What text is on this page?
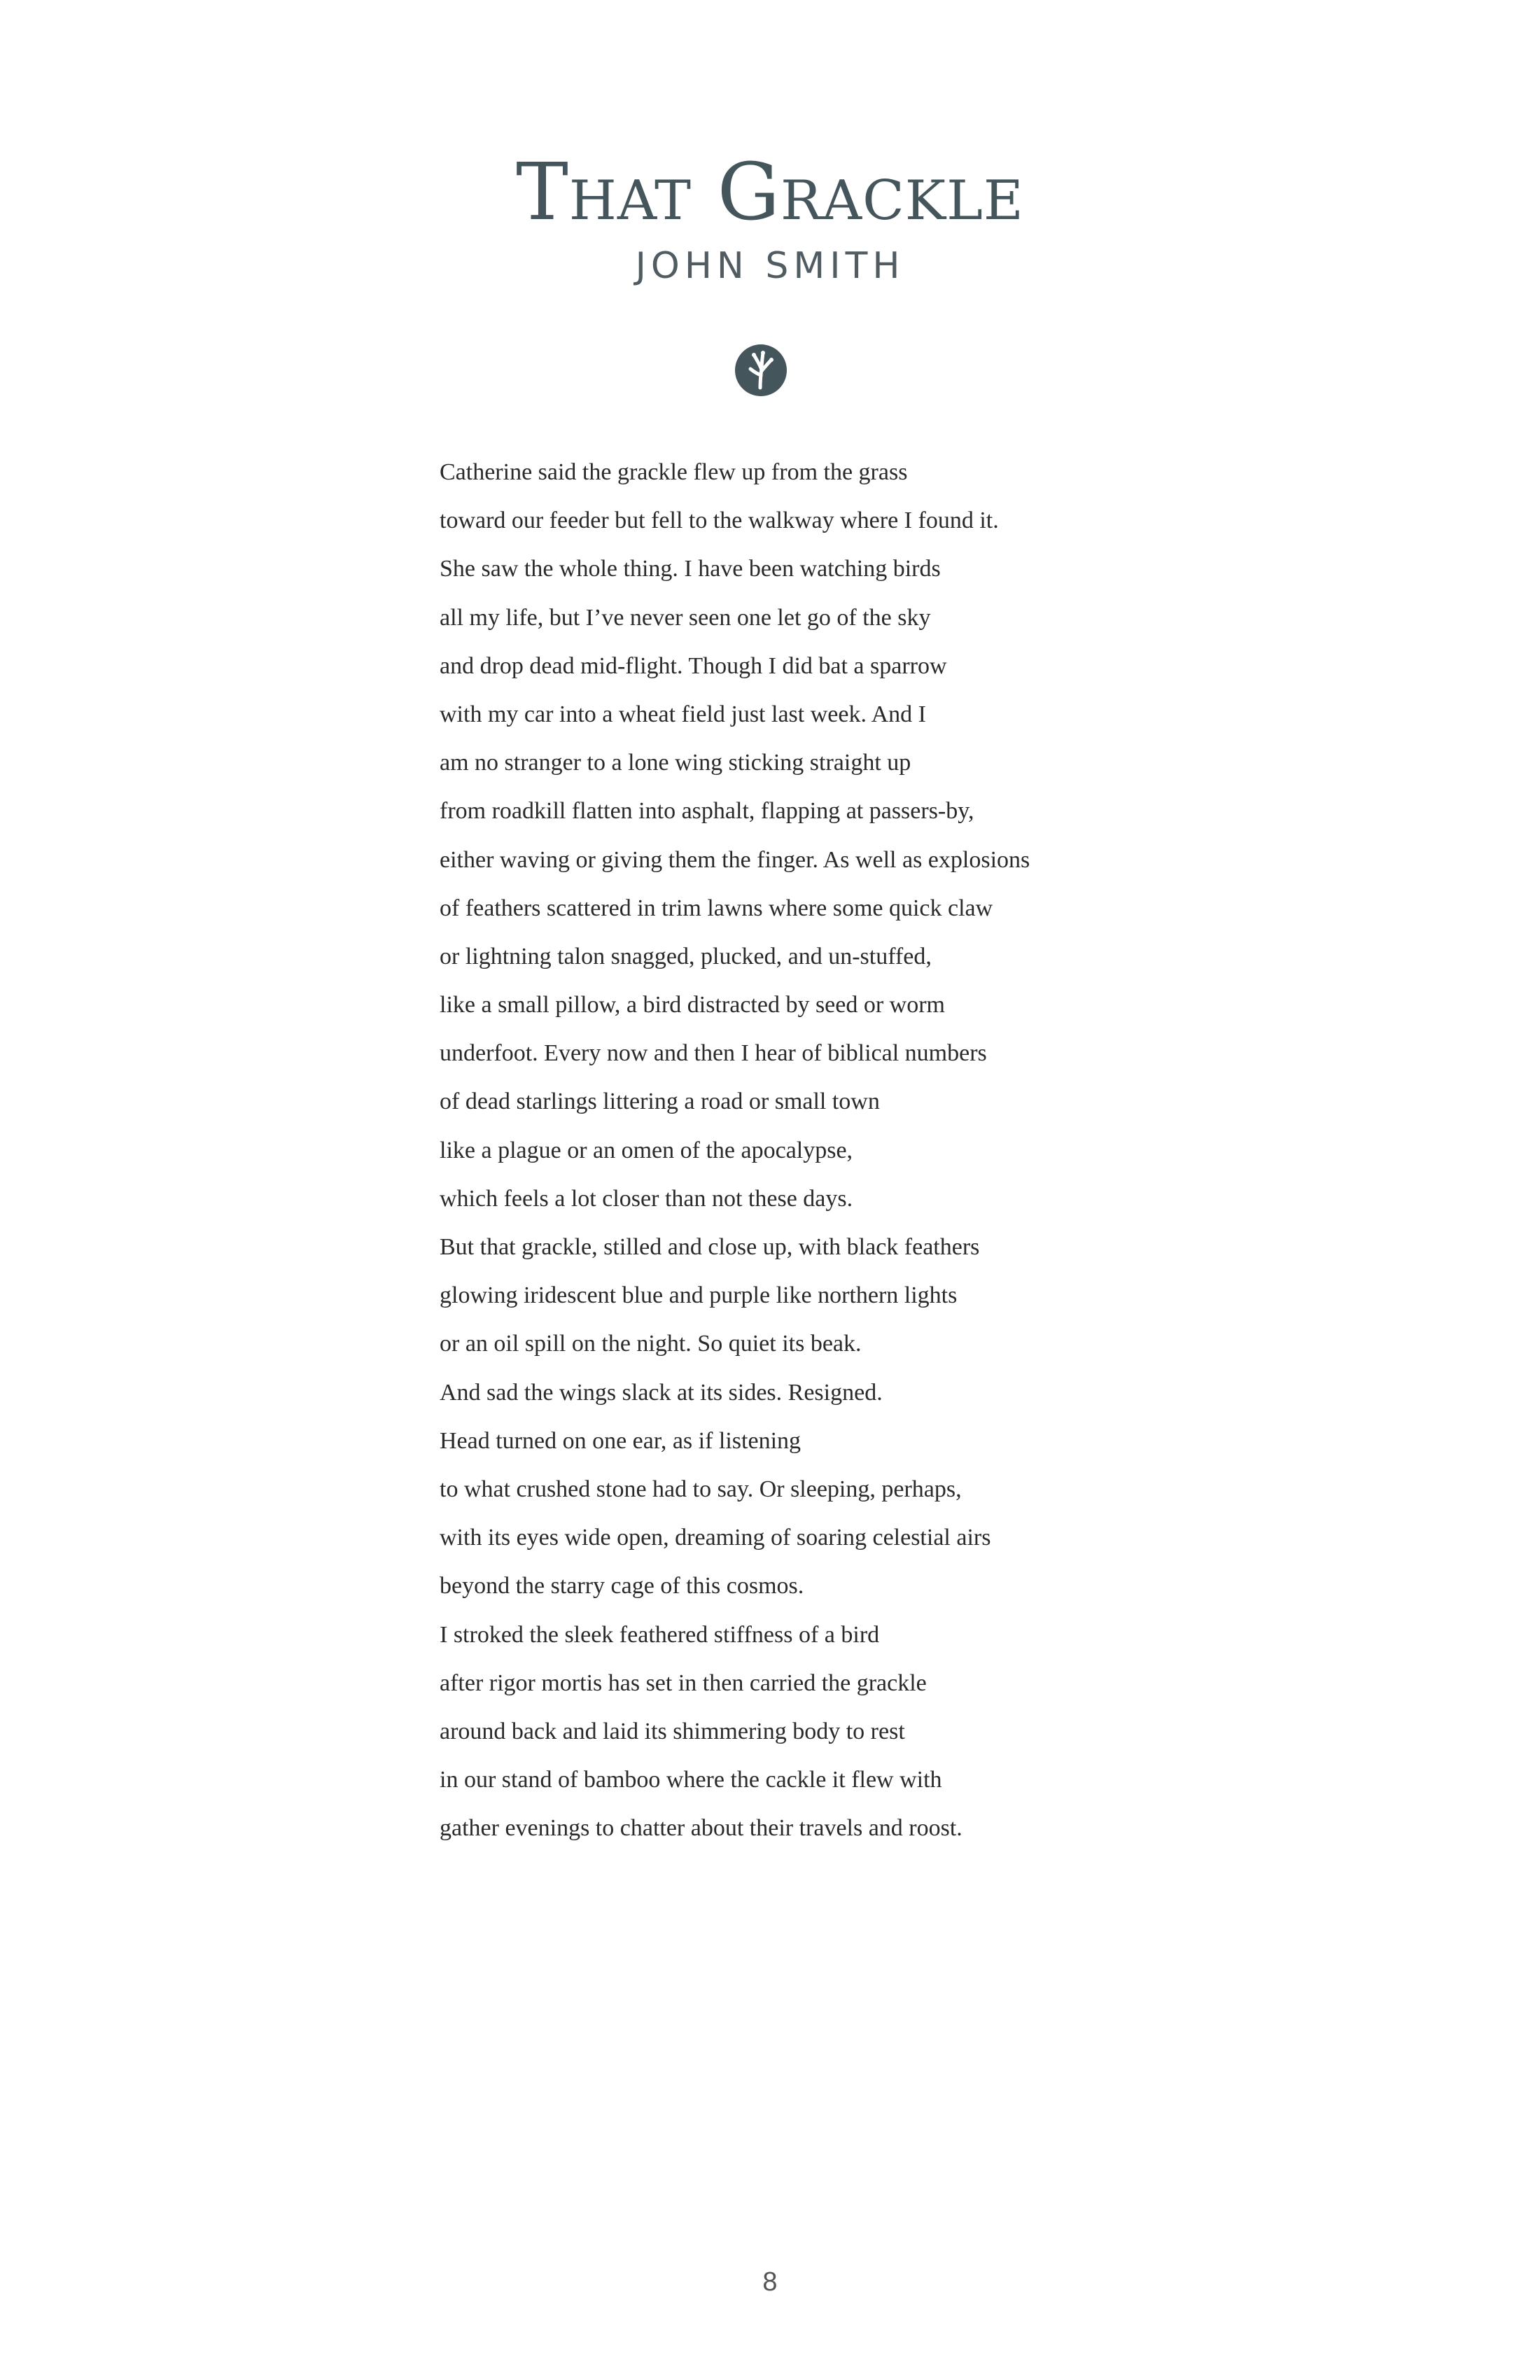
That Grackle
JOHN SMITH
Catherine said the grackle flew up from the grass
toward our feeder but fell to the walkway where I found it.
She saw the whole thing. I have been watching birds
all my life, but I’ve never seen one let go of the sky
and drop dead mid-flight. Though I did bat a sparrow
with my car into a wheat field just last week. And I
am no stranger to a lone wing sticking straight up
from roadkill flatten into asphalt, flapping at passers-by,
either waving or giving them the finger. As well as explosions
of feathers scattered in trim lawns where some quick claw
or lightning talon snagged, plucked, and un-stuffed,
like a small pillow, a bird distracted by seed or worm
underfoot. Every now and then I hear of biblical numbers
of dead starlings littering a road or small town
like a plague or an omen of the apocalypse,
which feels a lot closer than not these days.
But that grackle, stilled and close up, with black feathers
glowing iridescent blue and purple like northern lights
or an oil spill on the night. So quiet its beak.
And sad the wings slack at its sides. Resigned.
Head turned on one ear, as if listening
to what crushed stone had to say. Or sleeping, perhaps,
with its eyes wide open, dreaming of soaring celestial airs
beyond the starry cage of this cosmos.
I stroked the sleek feathered stiffness of a bird
after rigor mortis has set in then carried the grackle
around back and laid its shimmering body to rest
in our stand of bamboo where the cackle it flew with
gather evenings to chatter about their travels and roost.
8
